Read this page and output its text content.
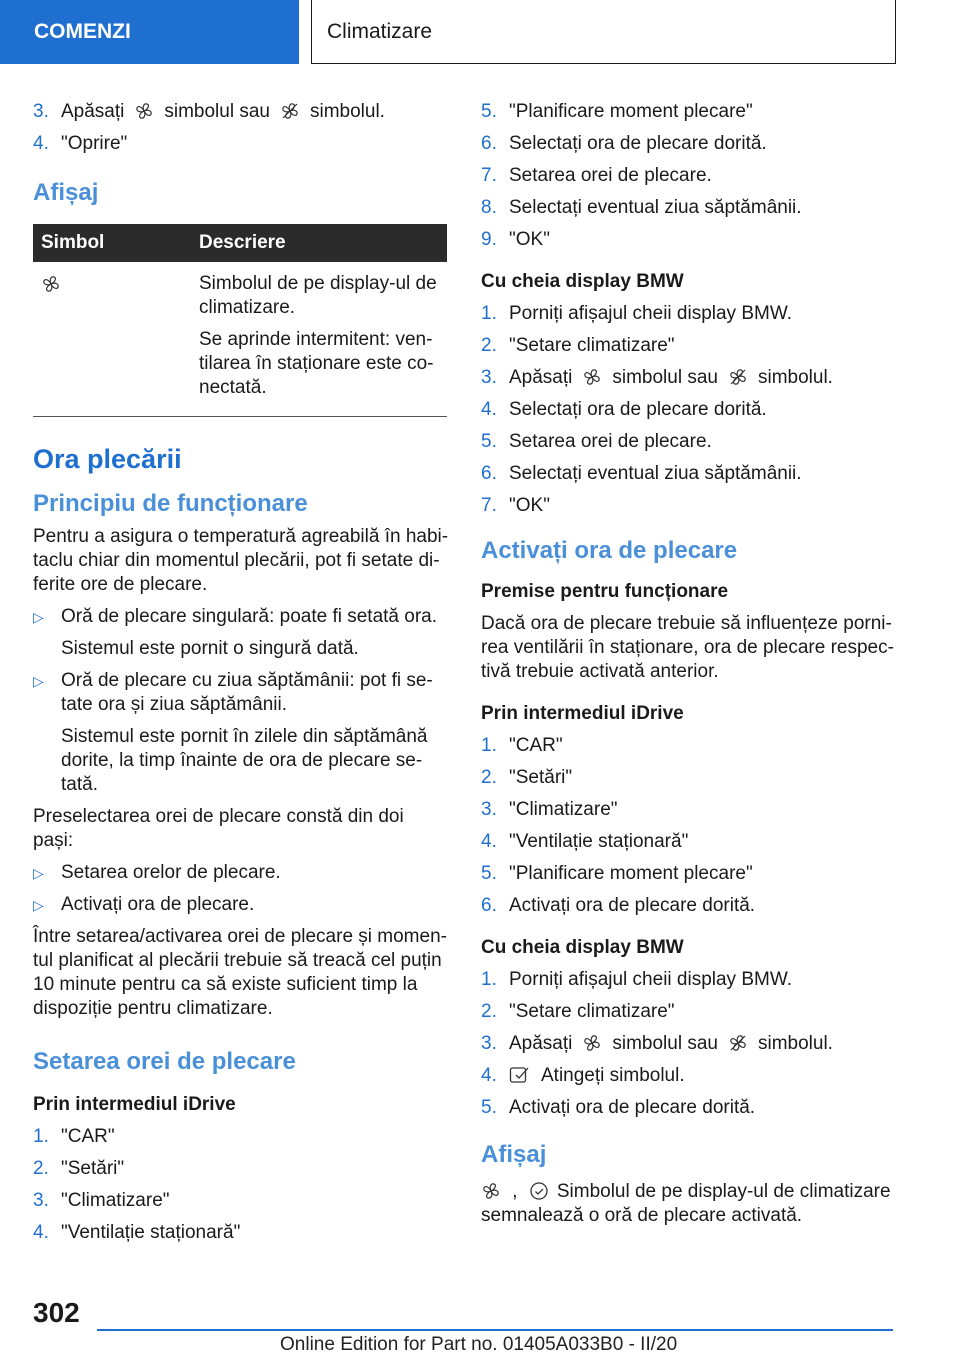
COMENZI	Climatizare
3. Apăsați simbolul sau simbolul.
4. "Oprire"
Afișaj
Simbol	Descriere

Simbolul de pe display-ul de climatizare.

Se aprinde intermitent: ven-tilarea în staționare este co-nectată.

Ora plecării
Principiu de funcționare

Pentru a asigura o temperatură agreabilă în habi-taclu chiar din momentul plecării, pot fi setate di-ferite ore de plecare.

▷ Oră de plecare singulară: poate fi setată ora.
Sistemul este pornit o singură dată.
▷ Oră de plecare cu ziua săptămânii: pot fi se-tate ora și ziua săptămânii.
Sistemul este pornit în zilele din săptămână dorite, la timp înainte de ora de plecare se-tată.

Preselectarea orei de plecare constă din doi pași:

▷ Setarea orelor de plecare.
▷ Activați ora de plecare.

Între setarea/activarea orei de plecare și momen-tul planificat al plecării trebuie să treacă cel puțin 10 minute pentru ca să existe suficient timp la dispoziție pentru climatizare.

Setarea orei de plecare
Prin intermediul iDrive
1. "CAR"
2. "Setări"
3. "Climatizare"
4. "Ventilație staționară"
5. "Planificare moment plecare"
6. Selectați ora de plecare dorită.
7. Setarea orei de plecare.
8. Selectați eventual ziua săptămânii.
9. "OK"
Cu cheia display BMW
1. Porniți afișajul cheii display BMW.
2. "Setare climatizare"
3. Apăsați simbolul sau simbolul.
4. Selectați ora de plecare dorită.
5. Setarea orei de plecare.
6. Selectați eventual ziua săptămânii.
7. "OK"
Activați ora de plecare
Premise pentru funcționare

Dacă ora de plecare trebuie să influențeze porni-rea ventilării în staționare, ora de plecare respec-tivă trebuie activată anterior.

Prin intermediul iDrive
1. "CAR"
2. "Setări"
3. "Climatizare"
4. "Ventilație staționară"
5. "Planificare moment plecare"
6. Activați ora de plecare dorită.
Cu cheia display BMW
1. Porniți afișajul cheii display BMW.
2. "Setare climatizare"
3. Apăsați simbolul sau simbolul.
4.	Atingeți simbolul.
5. Activați ora de plecare dorită.
Afișaj

, Simbolul de pe display-ul de climatizare semnalează o oră de plecare activată.

302
Online Edition for Part no. 01405A033B0 - II/20
